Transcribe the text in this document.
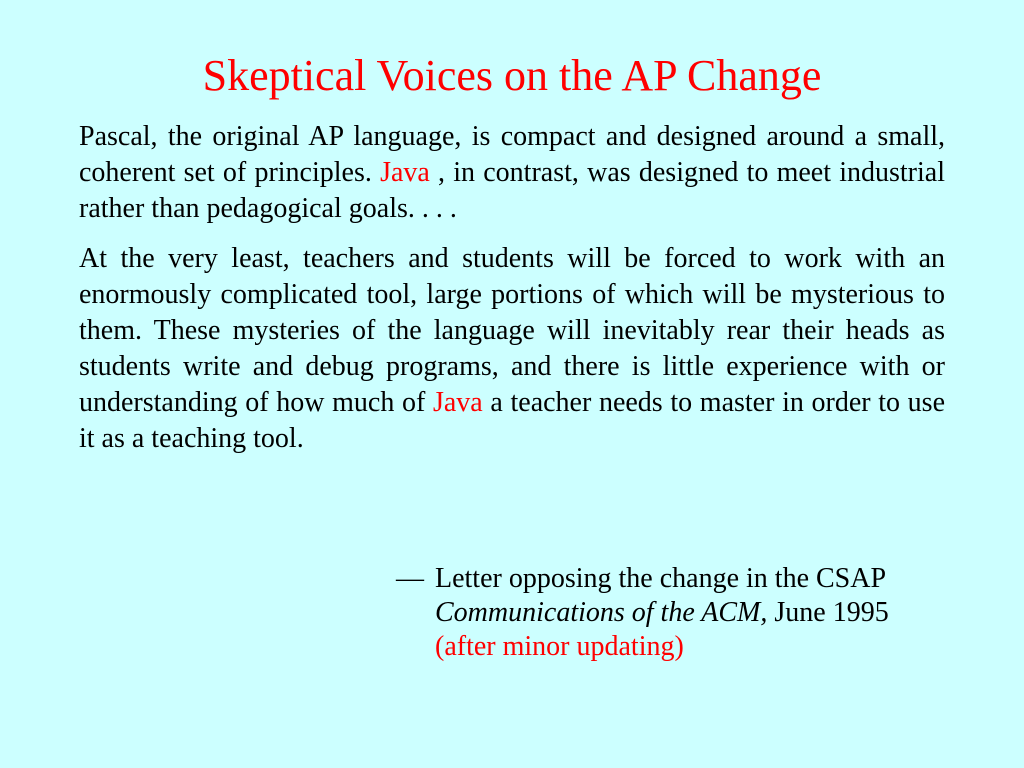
Skeptical Voices on the AP Change

Pascal, the original AP language, is compact and designed around a small, coherent set of principles. Java , in contrast, was designed to meet industrial rather than pedagogical goals. . . .

At the very least, teachers and students will be forced to work with an enormously complicated tool, large portions of which will be mysterious to them. These mysteries of the language will inevitably rear their heads as students write and debug programs, and there is little experience with or understanding of how much of Java a teacher needs to master in order to use it as a teaching tool.

— Letter opposing the change in the CSAP
Communications of the ACM, June 1995
(after minor updating)
